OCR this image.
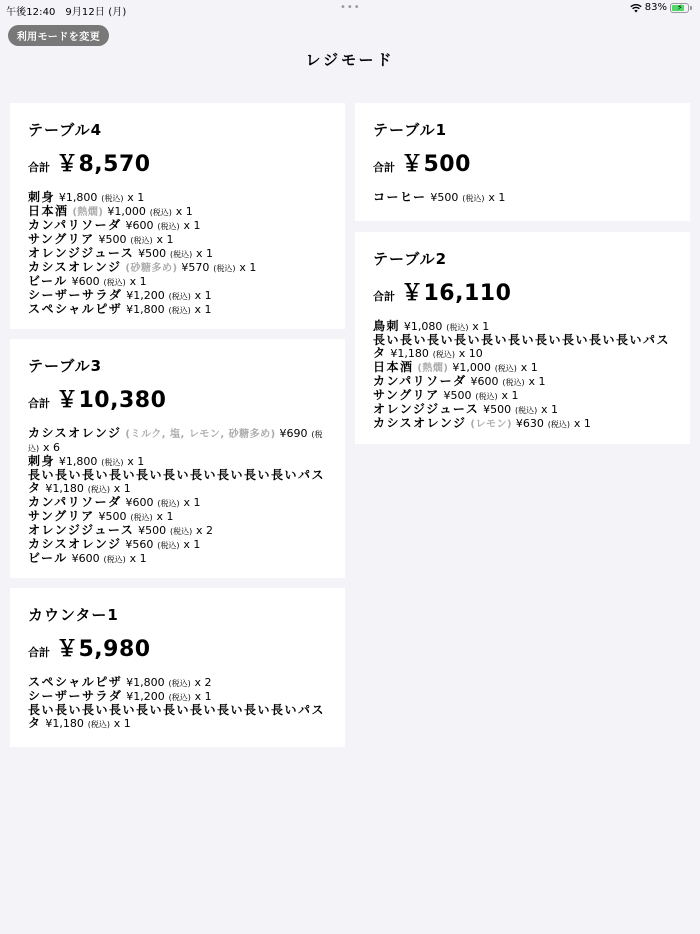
午後12:40 9月12日 (月)	•••	83% ⚡
利用モードを変更
レジモード
テーブル4
合計 ￥8,570
刺身 ¥1,800 (税込) x 1
日本酒 (熱燗) ¥1,000 (税込) x 1
カンパリソーダ ¥600 (税込) x 1
サングリア ¥500 (税込) x 1
オレンジジュース ¥500 (税込) x 1
カシスオレンジ (砂糖多め) ¥570 (税込) x 1
ビール ¥600 (税込) x 1
シーザーサラダ ¥1,200 (税込) x 1
スペシャルピザ ¥1,800 (税込) x 1
テーブル1
合計 ￥500
コーヒー ¥500 (税込) x 1
テーブル3
合計 ￥10,380
カシスオレンジ (ミルク, 塩, レモン, 砂糖多め) ¥690 (税込) x 6
刺身 ¥1,800 (税込) x 1
長い長い長い長い長い長い長い長い長い長いパスタ ¥1,180 (税込) x 1
カンパリソーダ ¥600 (税込) x 1
サングリア ¥500 (税込) x 1
オレンジジュース ¥500 (税込) x 2
カシスオレンジ ¥560 (税込) x 1
ビール ¥600 (税込) x 1
テーブル2
合計 ￥16,110
鳥刺 ¥1,080 (税込) x 1
長い長い長い長い長い長い長い長い長い長いパスタ ¥1,180 (税込) x 10
日本酒 (熱燗) ¥1,000 (税込) x 1
カンパリソーダ ¥600 (税込) x 1
サングリア ¥500 (税込) x 1
オレンジジュース ¥500 (税込) x 1
カシスオレンジ (レモン) ¥630 (税込) x 1
カウンター1
合計 ￥5,980
スペシャルピザ ¥1,800 (税込) x 2
シーザーサラダ ¥1,200 (税込) x 1
長い長い長い長い長い長い長い長い長い長いパスタ ¥1,180 (税込) x 1
